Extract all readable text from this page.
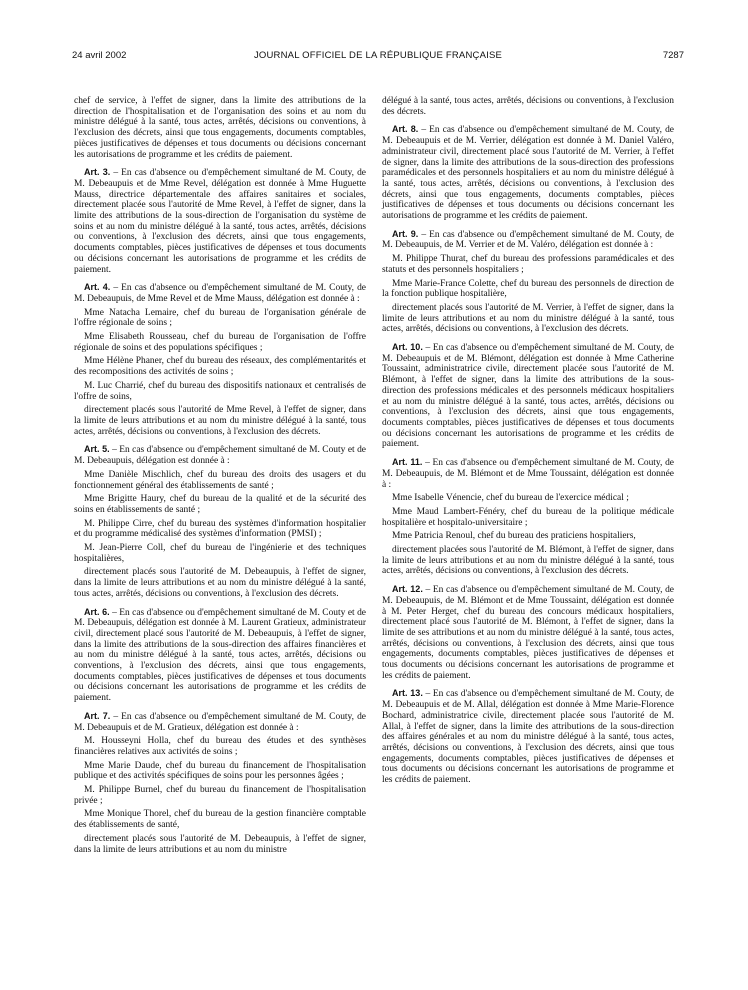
24 avril 2002	JOURNAL OFFICIEL DE LA RÉPUBLIQUE FRANÇAISE	7287

chef de service, à l'effet de signer, dans la limite des attributions de la direction de l'hospitalisation et de l'organisation des soins et au nom du ministre délégué à la santé, tous actes, arrêtés, décisions ou conventions, à l'exclusion des décrets, ainsi que tous engagements, documents comptables, pièces justificatives de dépenses et tous documents ou décisions concernant les autorisations de programme et les crédits de paiement.

Art. 3. – En cas d'absence ou d'empêchement simultané de M. Couty, de M. Debeaupuis et de Mme Revel, délégation est donnée à Mme Huguette Mauss, directrice départementale des affaires sanitaires et sociales, directement placée sous l'autorité de Mme Revel, à l'effet de signer, dans la limite des attributions de la sous-direction de l'organisation du système de soins et au nom du ministre délégué à la santé, tous actes, arrêtés, décisions ou conventions, à l'exclusion des décrets, ainsi que tous engagements, documents comptables, pièces justificatives de dépenses et tous documents ou décisions concernant les autorisations de programme et les crédits de paiement.

Art. 4. – En cas d'absence ou d'empêchement simultané de M. Couty, de M. Debeaupuis, de Mme Revel et de Mme Mauss, délégation est donnée à :

Mme Natacha Lemaire, chef du bureau de l'organisation générale de l'offre régionale de soins ;

Mme Elisabeth Rousseau, chef du bureau de l'organisation de l'offre régionale de soins et des populations spécifiques ;

Mme Hélène Phaner, chef du bureau des réseaux, des complémentarités et des recompositions des activités de soins ;

M. Luc Charrié, chef du bureau des dispositifs nationaux et centralisés de l'offre de soins,

directement placés sous l'autorité de Mme Revel, à l'effet de signer, dans la limite de leurs attributions et au nom du ministre délégué à la santé, tous actes, arrêtés, décisions ou conventions, à l'exclusion des décrets.

Art. 5. – En cas d'absence ou d'empêchement simultané de M. Couty et de M. Debeaupuis, délégation est donnée à :

Mme Danièle Mischlich, chef du bureau des droits des usagers et du fonctionnement général des établissements de santé ;

Mme Brigitte Haury, chef du bureau de la qualité et de la sécurité des soins en établissements de santé ;

M. Philippe Cirre, chef du bureau des systèmes d'information hospitalier et du programme médicalisé des systèmes d'information (PMSI) ;

M. Jean-Pierre Coll, chef du bureau de l'ingénierie et des techniques hospitalières,

directement placés sous l'autorité de M. Debeaupuis, à l'effet de signer, dans la limite de leurs attributions et au nom du ministre délégué à la santé, tous actes, arrêtés, décisions ou conventions, à l'exclusion des décrets.

Art. 6. – En cas d'absence ou d'empêchement simultané de M. Couty et de M. Debeaupuis, délégation est donnée à M. Laurent Gratieux, administrateur civil, directement placé sous l'autorité de M. Debeaupuis, à l'effet de signer, dans la limite des attributions de la sous-direction des affaires financières et au nom du ministre délégué à la santé, tous actes, arrêtés, décisions ou conventions, à l'exclusion des décrets, ainsi que tous engagements, documents comptables, pièces justificatives de dépenses et tous documents ou décisions concernant les autorisations de programme et les crédits de paiement.

Art. 7. – En cas d'absence ou d'empêchement simultané de M. Couty, de M. Debeaupuis et de M. Gratieux, délégation est donnée à :

M. Housseyni Holla, chef du bureau des études et des synthèses financières relatives aux activités de soins ;

Mme Marie Daude, chef du bureau du financement de l'hospitalisation publique et des activités spécifiques de soins pour les personnes âgées ;

M. Philippe Burnel, chef du bureau du financement de l'hospitalisation privée ;

Mme Monique Thorel, chef du bureau de la gestion financière comptable des établissements de santé,

directement placés sous l'autorité de M. Debeaupuis, à l'effet de signer, dans la limite de leurs attributions et au nom du ministre

délégué à la santé, tous actes, arrêtés, décisions ou conventions, à l'exclusion des décrets.

Art. 8. – En cas d'absence ou d'empêchement simultané de M. Couty, de M. Debeaupuis et de M. Verrier, délégation est donnée à M. Daniel Valéro, administrateur civil, directement placé sous l'autorité de M. Verrier, à l'effet de signer, dans la limite des attributions de la sous-direction des professions paramédicales et des personnels hospitaliers et au nom du ministre délégué à la santé, tous actes, arrêtés, décisions ou conventions, à l'exclusion des décrets, ainsi que tous engagements, documents comptables, pièces justificatives de dépenses et tous documents ou décisions concernant les autorisations de programme et les crédits de paiement.

Art. 9. – En cas d'absence ou d'empêchement simultané de M. Couty, de M. Debeaupuis, de M. Verrier et de M. Valéro, délégation est donnée à :

M. Philippe Thurat, chef du bureau des professions paramédicales et des statuts et des personnels hospitaliers ;

Mme Marie-France Colette, chef du bureau des personnels de direction de la fonction publique hospitalière,

directement placés sous l'autorité de M. Verrier, à l'effet de signer, dans la limite de leurs attributions et au nom du ministre délégué à la santé, tous actes, arrêtés, décisions ou conventions, à l'exclusion des décrets.

Art. 10. – En cas d'absence ou d'empêchement simultané de M. Couty, de M. Debeaupuis et de M. Blémont, délégation est donnée à Mme Catherine Toussaint, administratrice civile, directement placée sous l'autorité de M. Blémont, à l'effet de signer, dans la limite des attributions de la sous-direction des professions médicales et des personnels médicaux hospitaliers et au nom du ministre délégué à la santé, tous actes, arrêtés, décisions ou conventions, à l'exclusion des décrets, ainsi que tous engagements, documents comptables, pièces justificatives de dépenses et tous documents ou décisions concernant les autorisations de programme et les crédits de paiement.

Art. 11. – En cas d'absence ou d'empêchement simultané de M. Couty, de M. Debeaupuis, de M. Blémont et de Mme Toussaint, délégation est donnée à :

Mme Isabelle Vénencie, chef du bureau de l'exercice médical ;

Mme Maud Lambert-Fénéry, chef du bureau de la politique médicale hospitalière et hospitalo-universitaire ;

Mme Patricia Renoul, chef du bureau des praticiens hospitaliers,

directement placées sous l'autorité de M. Blémont, à l'effet de signer, dans la limite de leurs attributions et au nom du ministre délégué à la santé, tous actes, arrêtés, décisions ou conventions, à l'exclusion des décrets.

Art. 12. – En cas d'absence ou d'empêchement simultané de M. Couty, de M. Debeaupuis, de M. Blémont et de Mme Toussaint, délégation est donnée à M. Peter Herget, chef du bureau des concours médicaux hospitaliers, directement placé sous l'autorité de M. Blémont, à l'effet de signer, dans la limite de ses attributions et au nom du ministre délégué à la santé, tous actes, arrêtés, décisions ou conventions, à l'exclusion des décrets, ainsi que tous engagements, documents comptables, pièces justificatives de dépenses et tous documents ou décisions concernant les autorisations de programme et les crédits de paiement.

Art. 13. – En cas d'absence ou d'empêchement simultané de M. Couty, de M. Debeaupuis et de M. Allal, délégation est donnée à Mme Marie-Florence Bochard, administratrice civile, directement placée sous l'autorité de M. Allal, à l'effet de signer, dans la limite des attributions de la sous-direction des affaires générales et au nom du ministre délégué à la santé, tous actes, arrêtés, décisions ou conventions, à l'exclusion des décrets, ainsi que tous engagements, documents comptables, pièces justificatives de dépenses et tous documents ou décisions concernant les autorisations de programme et les crédits de paiement.
